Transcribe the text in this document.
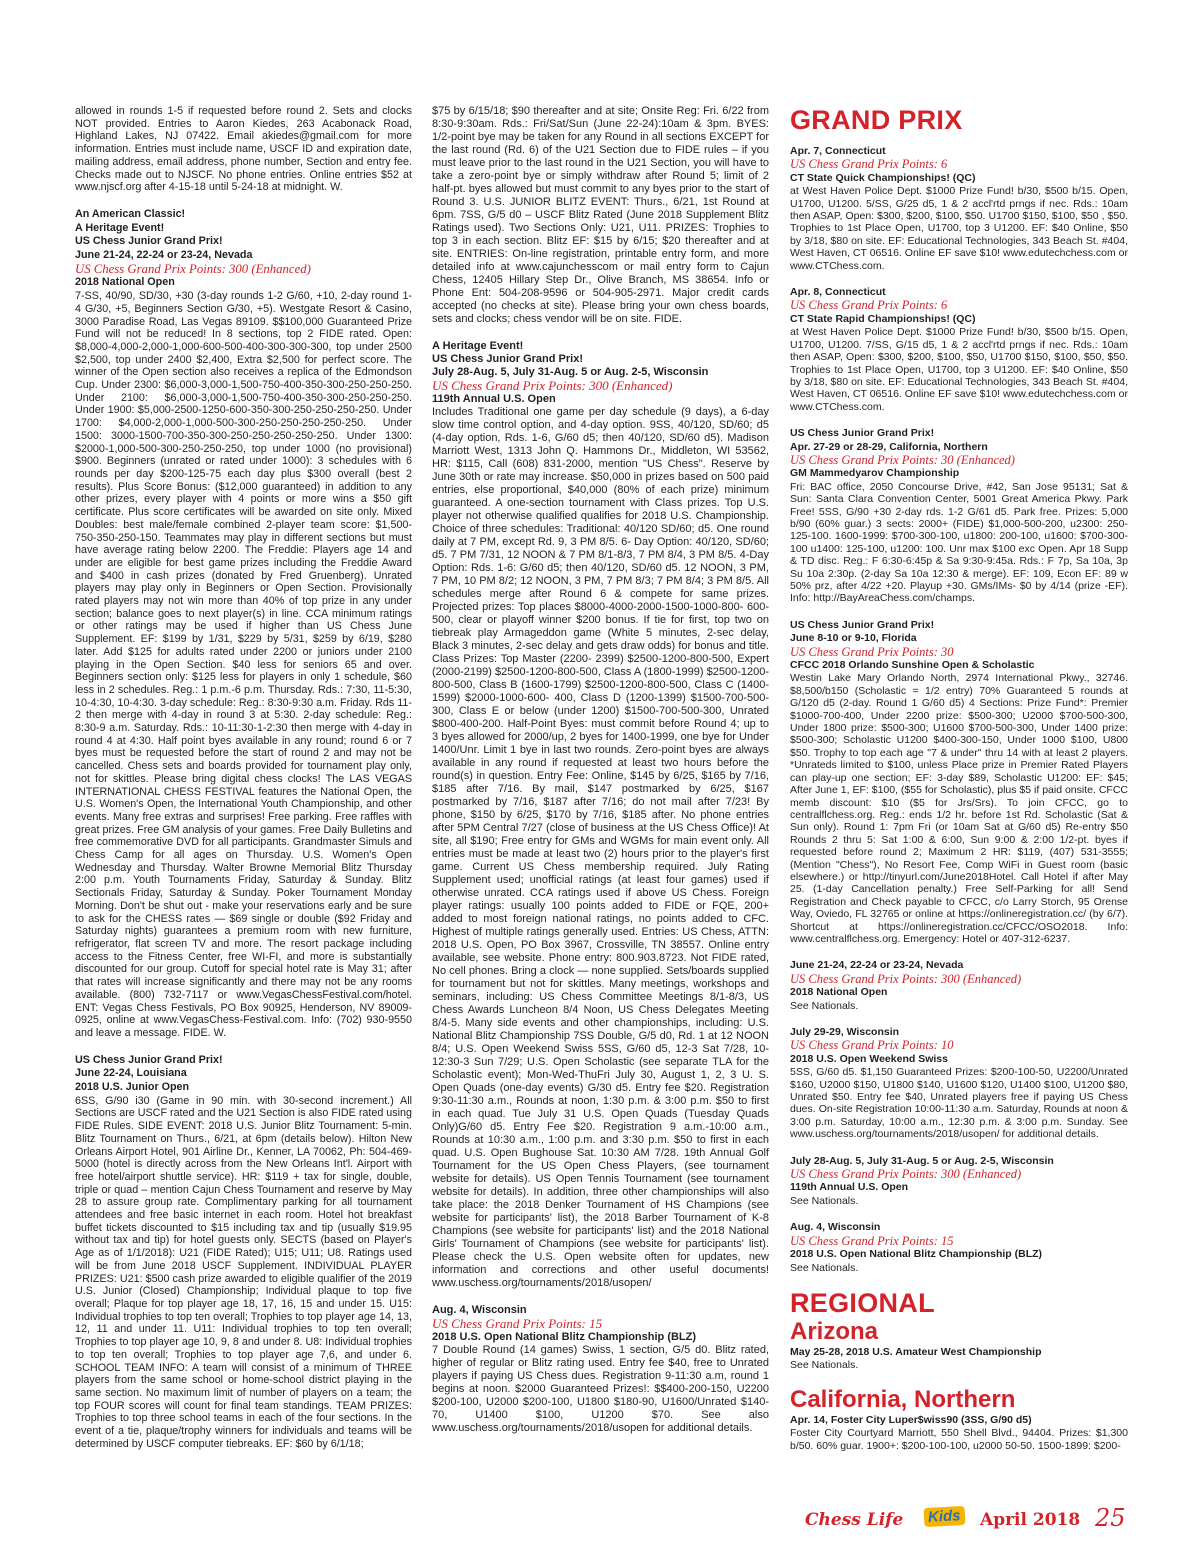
allowed in rounds 1-5 if requested before round 2. Sets and clocks NOT provided. Entries to Aaron Kiedes, 263 Acabonack Road, Highland Lakes, NJ 07422. Email akiedes@gmail.com for more information. Entries must include name, USCF ID and expiration date, mailing address, email address, phone number, Section and entry fee. Checks made out to NJSCF. No phone entries. Online entries $52 at www.njscf.org after 4-15-18 until 5-24-18 at midnight. W.
An American Classic!
A Heritage Event!
US Chess Junior Grand Prix!
June 21-24, 22-24 or 23-24, Nevada
US Chess Grand Prix Points: 300 (Enhanced)
2018 National Open
7-SS, 40/90, SD/30, +30 (3-day rounds 1-2 G/60, +10, 2-day round 1-4 G/30, +5, Beginners Section G/30, +5). Westgate Resort & Casino, 3000 Paradise Road, Las Vegas 89109. $$100,000 Guaranteed Prize Fund will not be reduced! In 8 sections, top 2 FIDE rated. Open: $8,000-4,000-2,000-1,000-600-500-400-300-300-300, top under 2500 $2,500, top under 2400 $2,400, Extra $2,500 for perfect score. The winner of the Open section also receives a replica of the Edmondson Cup. Under 2300: $6,000-3,000-1,500-750-400-350-300-250-250-250. Under 2100: $6,000-3,000-1,500-750-400-350-300-250-250-250. Under 1900: $5,000-2500-1250-600-350-300-250-250-250-250. Under 1700: $4,000-2,000-1,000-500-300-250-250-250-250-250. Under 1500: 3000-1500-700-350-300-250-250-250-250-250. Under 1300: $2000-1,000-500-300-250-250-250, top under 1000 (no provisional) $900. Beginners (unrated or rated under 1000): 3 schedules with 6 rounds per day $200-125-75 each day plus $300 overall (best 2 results). Plus Score Bonus: ($12,000 guaranteed) in addition to any other prizes, every player with 4 points or more wins a $50 gift certificate. Plus score certificates will be awarded on site only. Mixed Doubles: best male/female combined 2-player team score: $1,500-750-350-250-150. Teammates may play in different sections but must have average rating below 2200. The Freddie: Players age 14 and under are eligible for best game prizes including the Freddie Award and $400 in cash prizes (donated by Fred Gruenberg). Unrated players may play only in Beginners or Open Section. Provisionally rated players may not win more than 40% of top prize in any under section; balance goes to next player(s) in line. CCA minimum ratings or other ratings may be used if higher than US Chess June Supplement. EF: $199 by 1/31, $229 by 5/31, $259 by 6/19, $280 later. Add $125 for adults rated under 2200 or juniors under 2100 playing in the Open Section. $40 less for seniors 65 and over. Beginners section only: $125 less for players in only 1 schedule, $60 less in 2 schedules. Reg.: 1 p.m.-6 p.m. Thursday. Rds.: 7:30, 11-5:30, 10-4:30, 10-4:30. 3-day schedule: Reg.: 8:30-9:30 a.m. Friday. Rds 11-2 then merge with 4-day in round 3 at 5:30. 2-day schedule: Reg.: 8:30-9 a.m. Saturday. Rds.: 10-11:30-1-2:30 then merge with 4-day in round 4 at 4:30. Half point byes available in any round; round 6 or 7 byes must be requested before the start of round 2 and may not be cancelled. Chess sets and boards provided for tournament play only, not for skittles. Please bring digital chess clocks! The LAS VEGAS INTERNATIONAL CHESS FESTIVAL features the National Open, the U.S. Women's Open, the International Youth Championship, and other events. Many free extras and surprises! Free parking. Free raffles with great prizes. Free GM analysis of your games. Free Daily Bulletins and free commemorative DVD for all participants. Grandmaster Simuls and Chess Camp for all ages on Thursday. U.S. Women's Open Wednesday and Thursday. Walter Browne Memorial Blitz Thursday 2:00 p.m. Youth Tournaments Friday, Saturday & Sunday. Blitz Sectionals Friday, Saturday & Sunday. Poker Tournament Monday Morning. Don't be shut out - make your reservations early and be sure to ask for the CHESS rates — $69 single or double ($92 Friday and Saturday nights) guarantees a premium room with new furniture, refrigerator, flat screen TV and more. The resort package including access to the Fitness Center, free WI-FI, and more is substantially discounted for our group. Cutoff for special hotel rate is May 31; after that rates will increase significantly and there may not be any rooms available. (800) 732-7117 or www.VegasChessFestival.com/hotel. ENT: Vegas Chess Festivals, PO Box 90925, Henderson, NV 89009-0925, online at www.VegasChess-Festival.com. Info: (702) 930-9550 and leave a message. FIDE. W.
US Chess Junior Grand Prix!
June 22-24, Louisiana
2018 U.S. Junior Open
6SS, G/90 i30 (Game in 90 min. with 30-second increment.) All Sections are USCF rated and the U21 Section is also FIDE rated using FIDE Rules. SIDE EVENT: 2018 U.S. Junior Blitz Tournament: 5-min. Blitz Tournament on Thurs., 6/21, at 6pm (details below). Hilton New Orleans Airport Hotel, 901 Airline Dr., Kenner, LA 70062, Ph: 504-469-5000 (hotel is directly across from the New Orleans Int'l. Airport with free hotel/airport shuttle service). HR: $119 + tax for single, double, triple or quad – mention Cajun Chess Tournament and reserve by May 28 to assure group rate. Complimentary parking for all tournament attendees and free basic internet in each room. Hotel hot breakfast buffet tickets discounted to $15 including tax and tip (usually $19.95 without tax and tip) for hotel guests only. SECTS (based on Player's Age as of 1/1/2018): U21 (FIDE Rated); U15; U11; U8. Ratings used will be from June 2018 USCF Supplement. INDIVIDUAL PLAYER PRIZES: U21: $500 cash prize awarded to eligible qualifier of the 2019 U.S. Junior (Closed) Championship; Individual plaque to top five overall; Plaque for top player age 18, 17, 16, 15 and under 15. U15: Individual trophies to top ten overall; Trophies to top player age 14, 13, 12, 11 and under 11. U11: Individual trophies to top ten overall; Trophies to top player age 10, 9, 8 and under 8. U8: Individual trophies to top ten overall; Trophies to top player age 7,6, and under 6. SCHOOL TEAM INFO: A team will consist of a minimum of THREE players from the same school or home-school district playing in the same section. No maximum limit of number of players on a team; the top FOUR scores will count for final team standings. TEAM PRIZES: Trophies to top three school teams in each of the four sections. In the event of a tie, plaque/trophy winners for individuals and teams will be determined by USCF computer tiebreaks. EF: $60 by 6/1/18;
$75 by 6/15/18; $90 thereafter and at site; Onsite Reg: Fri. 6/22 from 8:30-9:30am. Rds.: Fri/Sat/Sun (June 22-24):10am & 3pm. BYES: 1/2-point bye may be taken for any Round in all sections EXCEPT for the last round (Rd. 6) of the U21 Section due to FIDE rules – if you must leave prior to the last round in the U21 Section, you will have to take a zero-point bye or simply withdraw after Round 5; limit of 2 half-pt. byes allowed but must commit to any byes prior to the start of Round 3. U.S. JUNIOR BLITZ EVENT: Thurs., 6/21, 1st Round at 6pm. 7SS, G/5 d0 – USCF Blitz Rated (June 2018 Supplement Blitz Ratings used). Two Sections Only: U21, U11. PRIZES: Trophies to top 3 in each section. Blitz EF: $15 by 6/15; $20 thereafter and at site. ENTRIES: On-line registration, printable entry form, and more detailed info at www.cajunchesscom or mail entry form to Cajun Chess, 12405 Hillary Step Dr., Olive Branch, MS 38654. Info or Phone Ent: 504-208-9596 or 504-905-2971. Major credit cards accepted (no checks at site). Please bring your own chess boards, sets and clocks; chess vendor will be on site. FIDE.
A Heritage Event!
US Chess Junior Grand Prix!
July 28-Aug. 5, July 31-Aug. 5 or Aug. 2-5, Wisconsin
US Chess Grand Prix Points: 300 (Enhanced)
119th Annual U.S. Open
Includes Traditional one game per day schedule (9 days), a 6-day slow time control option, and 4-day option. 9SS, 40/120, SD/60; d5 (4-day option, Rds. 1-6, G/60 d5; then 40/120, SD/60 d5). Madison Marriott West, 1313 John Q. Hammons Dr., Middleton, WI 53562, HR: $115, Call (608) 831-2000, mention "US Chess". Reserve by June 30th or rate may increase. $50,000 in prizes based on 500 paid entries, else proportional, $40,000 (80% of each prize) minimum guaranteed. A one-section tournament with Class prizes. Top U.S. player not otherwise qualified qualifies for 2018 U.S. Championship. Choice of three schedules: Traditional: 40/120 SD/60; d5. One round daily at 7 PM, except Rd. 9, 3 PM 8/5. 6- Day Option: 40/120, SD/60; d5. 7 PM 7/31, 12 NOON & 7 PM 8/1-8/3, 7 PM 8/4, 3 PM 8/5. 4-Day Option: Rds. 1-6: G/60 d5; then 40/120, SD/60 d5. 12 NOON, 3 PM, 7 PM, 10 PM 8/2; 12 NOON, 3 PM, 7 PM 8/3; 7 PM 8/4; 3 PM 8/5. All schedules merge after Round 6 & compete for same prizes. Projected prizes: Top places $8000-4000-2000-1500-1000-800- 600-500, clear or playoff winner $200 bonus. If tie for first, top two on tiebreak play Armageddon game (White 5 minutes, 2-sec delay, Black 3 minutes, 2-sec delay and gets draw odds) for bonus and title. Class Prizes: Top Master (2200- 2399) $2500-1200-800-500, Expert (2000-2199) $2500-1200-800-500, Class A (1800-1999) $2500-1200-800-500, Class B (1600-1799) $2500-1200-800-500, Class C (1400-1599) $2000-1000-600- 400, Class D (1200-1399) $1500-700-500-300, Class E or below (under 1200) $1500-700-500-300, Unrated $800-400-200. Half-Point Byes: must commit before Round 4; up to 3 byes allowed for 2000/up, 2 byes for 1400-1999, one bye for Under 1400/Unr. Limit 1 bye in last two rounds. Zero-point byes are always available in any round if requested at least two hours before the round(s) in question. Entry Fee: Online, $145 by 6/25, $165 by 7/16, $185 after 7/16. By mail, $147 postmarked by 6/25, $167 postmarked by 7/16, $187 after 7/16; do not mail after 7/23! By phone, $150 by 6/25, $170 by 7/16, $185 after. No phone entries after 5PM Central 7/27 (close of business at the US Chess Office)! At site, all $190; Free entry for GMs and WGMs for main event only. All entries must be made at least two (2) hours prior to the player's first game. Current US Chess membership required. July Rating Supplement used; unofficial ratings (at least four games) used if otherwise unrated. CCA ratings used if above US Chess. Foreign player ratings: usually 100 points added to FIDE or FQE, 200+ added to most foreign national ratings, no points added to CFC. Highest of multiple ratings generally used. Entries: US Chess, ATTN: 2018 U.S. Open, PO Box 3967, Crossville, TN 38557. Online entry available, see website. Phone entry: 800.903.8723. Not FIDE rated, No cell phones. Bring a clock — none supplied. Sets/boards supplied for tournament but not for skittles. Many meetings, workshops and seminars, including: US Chess Committee Meetings 8/1-8/3, US Chess Awards Luncheon 8/4 Noon, US Chess Delegates Meeting 8/4-5. Many side events and other championships, including: U.S. National Blitz Championship 7SS Double, G/5 d0, Rd. 1 at 12 NOON 8/4; U.S. Open Weekend Swiss 5SS, G/60 d5, 12-3 Sat 7/28, 10-12:30-3 Sun 7/29; U.S. Open Scholastic (see separate TLA for the Scholastic event); Mon-Wed-ThuFri July 30, August 1, 2, 3 U. S. Open Quads (one-day events) G/30 d5. Entry fee $20. Registration 9:30-11:30 a.m., Rounds at noon, 1:30 p.m. & 3:00 p.m. $50 to first in each quad. Tue July 31 U.S. Open Quads (Tuesday Quads Only)G/60 d5. Entry Fee $20. Registration 9 a.m.-10:00 a.m., Rounds at 10:30 a.m., 1:00 p.m. and 3:30 p.m. $50 to first in each quad. U.S. Open Bughouse Sat. 10:30 AM 7/28. 19th Annual Golf Tournament for the US Open Chess Players, (see tournament website for details). US Open Tennis Tournament (see tournament website for details). In addition, three other championships will also take place: the 2018 Denker Tournament of HS Champions (see website for participants' list), the 2018 Barber Tournament of K-8 Champions (see website for participants' list) and the 2018 National Girls' Tournament of Champions (see website for participants' list). Please check the U.S. Open website often for updates, new information and corrections and other useful documents! www.uschess.org/tournaments/2018/usopen/
Aug. 4, Wisconsin
US Chess Grand Prix Points: 15
2018 U.S. Open National Blitz Championship (BLZ)
7 Double Round (14 games) Swiss, 1 section, G/5 d0. Blitz rated, higher of regular or Blitz rating used. Entry fee $40, free to Unrated players if paying US Chess dues. Registration 9-11:30 a.m, round 1 begins at noon. $2000 Guaranteed Prizes!: $$400-200-150, U2200 $200-100, U2000 $200-100, U1800 $180-90, U1600/Unrated $140-70, U1400 $100, U1200 $70. See also www.uschess.org/tournaments/2018/usopen for additional details.
GRAND PRIX
Apr. 7, Connecticut
US Chess Grand Prix Points: 6
CT State Quick Championships! (QC)
at West Haven Police Dept. $1000 Prize Fund! b/30, $500 b/15. Open, U1700, U1200. 5/SS, G/25 d5, 1 & 2 accl'rtd prngs if nec. Rds.: 10am then ASAP, Open: $300, $200, $100, $50. U1700 $150, $100, $50 , $50. Trophies to 1st Place Open, U1700, top 3 U1200. EF: $40 Online, $50 by 3/18, $80 on site. EF: Educational Technologies, 343 Beach St. #404, West Haven, CT 06516. Online EF save $10! www.edutechchess.com or www.CTChess.com.
Apr. 8, Connecticut
US Chess Grand Prix Points: 6
CT State Rapid Championships! (QC)
at West Haven Police Dept. $1000 Prize Fund! b/30, $500 b/15. Open, U1700, U1200. 7/SS, G/15 d5, 1 & 2 accl'rtd prngs if nec. Rds.: 10am then ASAP, Open: $300, $200, $100, $50, U1700 $150, $100, $50, $50. Trophies to 1st Place Open, U1700, top 3 U1200. EF: $40 Online, $50 by 3/18, $80 on site. EF: Educational Technologies, 343 Beach St. #404, West Haven, CT 06516. Online EF save $10! www.edutechchess.com or www.CTChess.com.
US Chess Junior Grand Prix!
Apr. 27-29 or 28-29, California, Northern
US Chess Grand Prix Points: 30 (Enhanced)
GM Mammedyarov Championship
Fri: BAC office, 2050 Concourse Drive, #42, San Jose 95131; Sat & Sun: Santa Clara Convention Center, 5001 Great America Pkwy. Park Free! 5SS, G/90 +30 2-day rds. 1-2 G/61 d5. Park free. Prizes: 5,000 b/90 (60% guar.) 3 sects: 2000+ (FIDE) $1,000-500-200, u2300: 250-125-100. 1600-1999: $700-300-100, u1800: 200-100, u1600: $700-300-100 u1400: 125-100, u1200: 100. Unr max $100 exc Open. Apr 18 Supp & TD disc. Reg.: F 6:30-6:45p & Sa 9:30-9:45a. Rds.: F 7p, Sa 10a, 3p Su 10a 2:30p. (2-day Sa 10a 12:30 & merge). EF: 109, Econ EF: 89 w 50% prz, after 4/22 +20. Playup +30. GMs/IMs- $0 by 4/14 (prize -EF). Info: http://BayAreaChess.com/champs.
US Chess Junior Grand Prix!
June 8-10 or 9-10, Florida
US Chess Grand Prix Points: 30
CFCC 2018 Orlando Sunshine Open & Scholastic
Westin Lake Mary Orlando North, 2974 International Pkwy., 32746. $8,500/b150 (Scholastic = 1/2 entry) 70% Guaranteed 5 rounds at G/120 d5 (2-day. Round 1 G/60 d5) 4 Sections: Prize Fund*: Premier $1000-700-400, Under 2200 prize: $500-300; U2000 $700-500-300, Under 1800 prize: $500-300; U1600 $700-500-300, Under 1400 prize: $500-300; Scholastic U1200 $400-300-150, Under 1000 $100, U800 $50. Trophy to top each age "7 & under" thru 14 with at least 2 players. *Unrateds limited to $100, unless Place prize in Premier Rated Players can play-up one section; EF: 3-day $89, Scholastic U1200: EF: $45; After June 1, EF: $100, ($55 for Scholastic), plus $5 if paid onsite. CFCC memb discount: $10 ($5 for Jrs/Srs). To join CFCC, go to centralflchess.org. Reg.: ends 1/2 hr. before 1st Rd. Scholastic (Sat & Sun only). Round 1: 7pm Fri (or 10am Sat at G/60 d5) Re-entry $50 Rounds 2 thru 5: Sat 1:00 & 6:00, Sun 9:00 & 2:00 1/2-pt. byes if requested before round 2; Maximum 2 HR: $119, (407) 531-3555; (Mention "Chess"), No Resort Fee, Comp WiFi in Guest room (basic elsewhere.) or http://tinyurl.com/June2018Hotel. Call Hotel if after May 25. (1-day Cancellation penalty.) Free Self-Parking for all! Send Registration and Check payable to CFCC, c/o Larry Storch, 95 Orense Way, Oviedo, FL 32765 or online at https://onlineregistration.cc/ (by 6/7). Shortcut at https://onlineregistration.cc/CFCC/OSO2018. Info: www.centralflchess.org. Emergency: Hotel or 407-312-6237.
June 21-24, 22-24 or 23-24, Nevada
US Chess Grand Prix Points: 300 (Enhanced)
2018 National Open
See Nationals.
July 29-29, Wisconsin
US Chess Grand Prix Points: 10
2018 U.S. Open Weekend Swiss
5SS, G/60 d5. $1,150 Guaranteed Prizes: $200-100-50, U2200/Unrated $160, U2000 $150, U1800 $140, U1600 $120, U1400 $100, U1200 $80, Unrated $50. Entry fee $40, Unrated players free if paying US Chess dues. On-site Registration 10:00-11:30 a.m. Saturday, Rounds at noon & 3:00 p.m. Saturday, 10:00 a.m., 12:30 p.m. & 3:00 p.m. Sunday. See www.uschess.org/tournaments/2018/usopen/ for additional details.
July 28-Aug. 5, July 31-Aug. 5 or Aug. 2-5, Wisconsin
US Chess Grand Prix Points: 300 (Enhanced)
119th Annual U.S. Open
See Nationals.
Aug. 4, Wisconsin
US Chess Grand Prix Points: 15
2018 U.S. Open National Blitz Championship (BLZ)
See Nationals.
REGIONAL
Arizona
May 25-28, 2018 U.S. Amateur West Championship
See Nationals.
California, Northern
Apr. 14, Foster City Luper$wiss90 (3SS, G/90 d5)
Foster City Courtyard Marriott, 550 Shell Blvd., 94404. Prizes: $1,300 b/50. 60% guar. 1900+: $200-100-100, u2000 50-50. 1500-1899: $200-
Chess Life Kids April 2018 25
